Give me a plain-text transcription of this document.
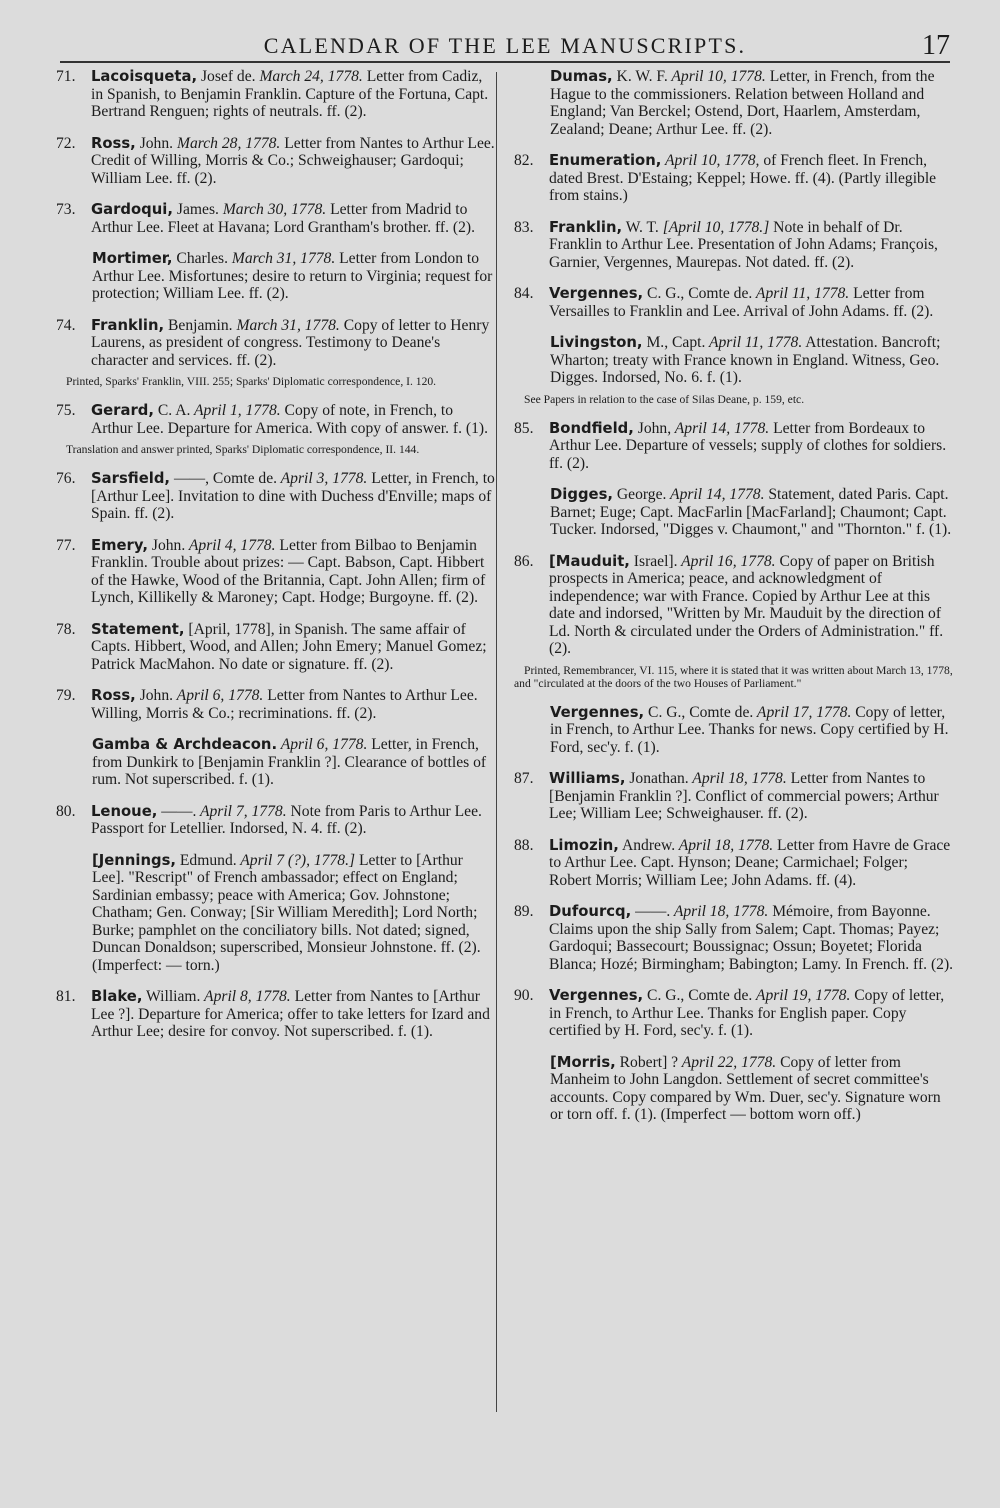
CALENDAR OF THE LEE MANUSCRIPTS.	17

71. Lacoisqueta, Josef de. March 24, 1778. Letter from Cadiz, in Spanish, to Benjamin Franklin. Capture of the Fortuna, Capt. Bertrand Renguen; rights of neutrals. ff. (2).

72. Ross, John. March 28, 1778. Letter from Nantes to Arthur Lee. Credit of Willing, Morris & Co.; Schweighauser; Gardoqui; William Lee. ff. (2).

73. Gardoqui, James. March 30, 1778. Letter from Madrid to Arthur Lee. Fleet at Havana; Lord Grantham's brother. ff. (2).

Mortimer, Charles. March 31, 1778. Letter from London to Arthur Lee. Misfortunes; desire to return to Virginia; request for protection; William Lee. ff. (2).

74. Franklin, Benjamin. March 31, 1778. Copy of letter to Henry Laurens, as president of congress. Testimony to Deane's character and services. ff. (2).

Printed, Sparks' Franklin, VIII. 255; Sparks' Diplomatic correspondence, I. 120.

75. Gerard, C. A. April 1, 1778. Copy of note, in French, to Arthur Lee. Departure for America. With copy of answer. f. (1).

Translation and answer printed, Sparks' Diplomatic correspondence, II. 144.

76. Sarsfield, ——, Comte de. April 3, 1778. Letter, in French, to [Arthur Lee]. Invitation to dine with Duchess d'Enville; maps of Spain. ff. (2).

77. Emery, John. April 4, 1778. Letter from Bilbao to Benjamin Franklin. Trouble about prizes: — Capt. Babson, Capt. Hibbert of the Hawke, Wood of the Britannia, Capt. John Allen; firm of Lynch, Killikelly & Maroney; Capt. Hodge; Burgoyne. ff. (2).

78. Statement, [April, 1778], in Spanish. The same affair of Capts. Hibbert, Wood, and Allen; John Emery; Manuel Gomez; Patrick MacMahon. No date or signature. ff. (2).

79. Ross, John. April 6, 1778. Letter from Nantes to Arthur Lee. Willing, Morris & Co.; recriminations. ff. (2).

Gamba & Archdeacon. April 6, 1778. Letter, in French, from Dunkirk to [Benjamin Franklin ?]. Clearance of bottles of rum. Not superscribed. f. (1).

80. Lenoue, ——. April 7, 1778. Note from Paris to Arthur Lee. Passport for Letellier. Indorsed, N. 4. ff. (2).

[Jennings, Edmund. April 7 (?), 1778.] Letter to [Arthur Lee]. "Rescript" of French ambassador; effect on England; Sardinian embassy; peace with America; Gov. Johnstone; Chatham; Gen. Conway; [Sir William Meredith]; Lord North; Burke; pamphlet on the conciliatory bills. Not dated; signed, Duncan Donaldson; superscribed, Monsieur Johnstone. ff. (2). (Imperfect: — torn.)

81. Blake, William. April 8, 1778. Letter from Nantes to [Arthur Lee ?]. Departure for America; offer to take letters for Izard and Arthur Lee; desire for convoy. Not superscribed. f. (1).

Dumas, K. W. F. April 10, 1778. Letter, in French, from the Hague to the commissioners. Relation between Holland and England; Van Berckel; Ostend, Dort, Haarlem, Amsterdam, Zealand; Deane; Arthur Lee. ff. (2).

82. Enumeration, April 10, 1778, of French fleet. In French, dated Brest. D'Estaing; Keppel; Howe. ff. (4). (Partly illegible from stains.)

83. Franklin, W. T. [April 10, 1778.] Note in behalf of Dr. Franklin to Arthur Lee. Presentation of John Adams; François, Garnier, Vergennes, Maurepas. Not dated. ff. (2).

84. Vergennes, C. G., Comte de. April 11, 1778. Letter from Versailles to Franklin and Lee. Arrival of John Adams. ff. (2).

Livingston, M., Capt. April 11, 1778. Attestation. Bancroft; Wharton; treaty with France known in England. Witness, Geo. Digges. Indorsed, No. 6. f. (1).

See Papers in relation to the case of Silas Deane, p. 159, etc.

85. Bondfield, John, April 14, 1778. Letter from Bordeaux to Arthur Lee. Departure of vessels; supply of clothes for soldiers. ff. (2).

Digges, George. April 14, 1778. Statement, dated Paris. Capt. Barnet; Euge; Capt. MacFarlin [MacFarland]; Chaumont; Capt. Tucker. Indorsed, "Digges v. Chaumont," and "Thornton." f. (1).

86. [Mauduit, Israel]. April 16, 1778. Copy of paper on British prospects in America; peace, and acknowledgment of independence; war with France. Copied by Arthur Lee at this date and indorsed, "Written by Mr. Mauduit by the direction of Ld. North & circulated under the Orders of Administration." ff. (2).

Printed, Remembrancer, VI. 115, where it is stated that it was written about March 13, 1778, and "circulated at the doors of the two Houses of Parliament."

Vergennes, C. G., Comte de. April 17, 1778. Copy of letter, in French, to Arthur Lee. Thanks for news. Copy certified by H. Ford, sec'y. f. (1).

87. Williams, Jonathan. April 18, 1778. Letter from Nantes to [Benjamin Franklin ?]. Conflict of commercial powers; Arthur Lee; William Lee; Schweighauser. ff. (2).

88. Limozin, Andrew. April 18, 1778. Letter from Havre de Grace to Arthur Lee. Capt. Hynson; Deane; Carmichael; Folger; Robert Morris; William Lee; John Adams. ff. (4).

89. Dufourcq, ——. April 18, 1778. Mémoire, from Bayonne. Claims upon the ship Sally from Salem; Capt. Thomas; Payez; Gardoqui; Bassecourt; Boussignac; Ossun; Boyetet; Florida Blanca; Hozé; Birmingham; Babington; Lamy. In French. ff. (2).

90. Vergennes, C. G., Comte de. April 19, 1778. Copy of letter, in French, to Arthur Lee. Thanks for English paper. Copy certified by H. Ford, sec'y. f. (1).

[Morris, Robert] ? April 22, 1778. Copy of letter from Manheim to John Langdon. Settlement of secret committee's accounts. Copy compared by Wm. Duer, sec'y. Signature worn or torn off. f. (1). (Imperfect — bottom worn off.)
